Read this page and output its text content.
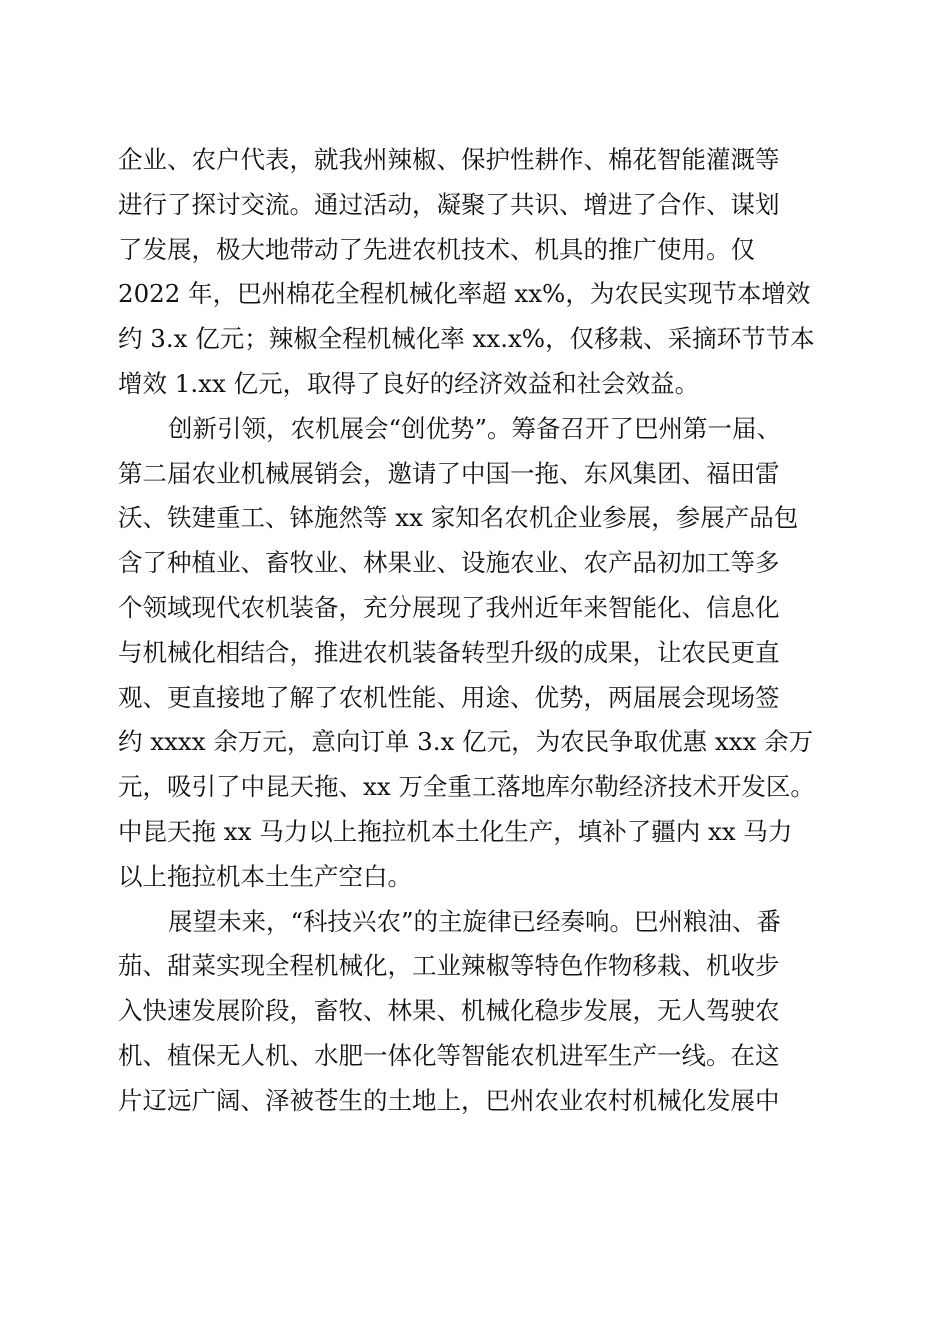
企业、农户代表，就我州辣椒、保护性耕作、棉花智能灌溉等
进行了探讨交流。通过活动，凝聚了共识、增进了合作、谋划
了发展，极大地带动了先进农机技术、机具的推广使用。仅
2022 年，巴州棉花全程机械化率超 xx%，为农民实现节本增效
约 3.x 亿元；辣椒全程机械化率 xx.x%，仅移栽、采摘环节节本
增效 1.xx 亿元，取得了良好的经济效益和社会效益。
创新引领，农机展会“创优势”。筹备召开了巴州第一届、
第二届农业机械展销会，邀请了中国一拖、东风集团、福田雷
沃、铁建重工、钵施然等 xx 家知名农机企业参展，参展产品包
含了种植业、畜牧业、林果业、设施农业、农产品初加工等多
个领域现代农机装备，充分展现了我州近年来智能化、信息化
与机械化相结合，推进农机装备转型升级的成果，让农民更直
观、更直接地了解了农机性能、用途、优势，两届展会现场签
约 xxxx 余万元，意向订单 3.x 亿元，为农民争取优惠 xxx 余万
元，吸引了中昆天拖、xx 万全重工落地库尔勒经济技术开发区。
中昆天拖 xx 马力以上拖拉机本土化生产，填补了疆内 xx 马力
以上拖拉机本土生产空白。
展望未来，“科技兴农”的主旋律已经奏响。巴州粮油、番
茄、甜菜实现全程机械化，工业辣椒等特色作物移栽、机收步
入快速发展阶段，畜牧、林果、机械化稳步发展，无人驾驶农
机、植保无人机、水肥一体化等智能农机进军生产一线。在这
片辽远广阔、泽被苍生的土地上，巴州农业农村机械化发展中
